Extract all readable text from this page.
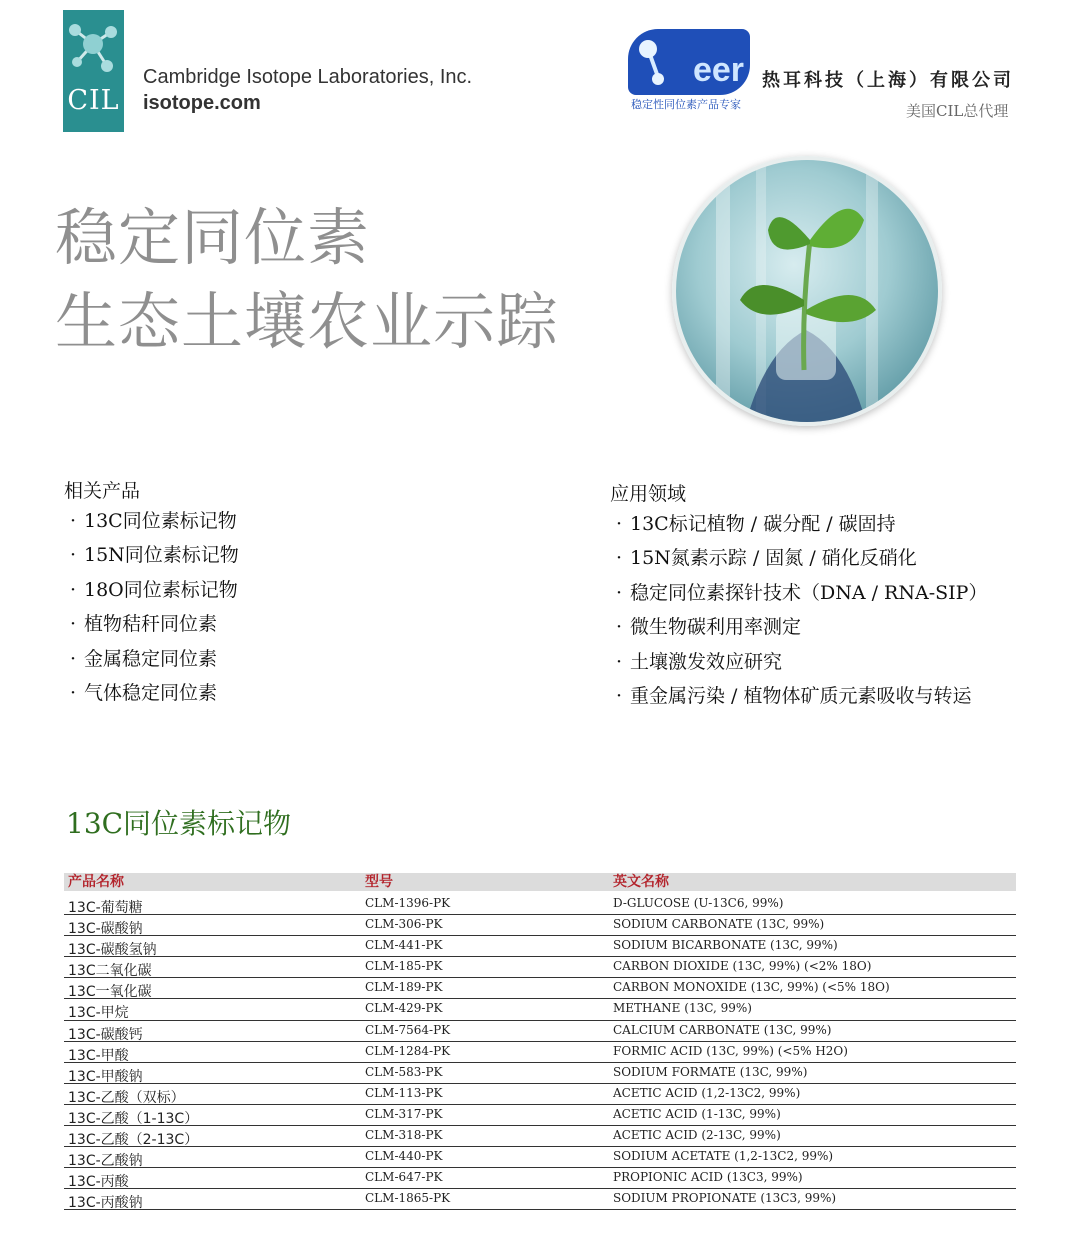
CIL
Cambridge Isotope Laboratories, Inc.
isotope.com
eer
稳定性同位素产品专家
热耳科技（上海）有限公司
美国CIL总代理
稳定同位素
生态土壤农业示踪
相关产品
· 13C同位素标记物
· 15N同位素标记物
· 18O同位素标记物
· 植物秸秆同位素
· 金属稳定同位素
· 气体稳定同位素
应用领域
· 13C标记植物 / 碳分配 / 碳固持
· 15N氮素示踪 / 固氮 / 硝化反硝化
· 稳定同位素探针技术（DNA / RNA-SIP）
· 微生物碳利用率测定
· 土壤激发效应研究
· 重金属污染 / 植物体矿质元素吸收与转运
13C同位素标记物
产品名称	型号	英文名称
13C-葡萄糖	CLM-1396-PK	D-GLUCOSE (U-13C6, 99%)
13C-碳酸钠	CLM-306-PK	SODIUM CARBONATE (13C, 99%)
13C-碳酸氢钠	CLM-441-PK	SODIUM BICARBONATE (13C, 99%)
13C二氧化碳	CLM-185-PK	CARBON DIOXIDE (13C, 99%) (<2% 18O)
13C一氧化碳	CLM-189-PK	CARBON MONOXIDE (13C, 99%) (<5% 18O)
13C-甲烷	CLM-429-PK	METHANE (13C, 99%)
13C-碳酸钙	CLM-7564-PK	CALCIUM CARBONATE (13C, 99%)
13C-甲酸	CLM-1284-PK	FORMIC ACID (13C, 99%) (<5% H2O)
13C-甲酸钠	CLM-583-PK	SODIUM FORMATE (13C, 99%)
13C-乙酸（双标）	CLM-113-PK	ACETIC ACID (1,2-13C2, 99%)
13C-乙酸（1-13C）	CLM-317-PK	ACETIC ACID (1-13C, 99%)
13C-乙酸（2-13C）	CLM-318-PK	ACETIC ACID (2-13C, 99%)
13C-乙酸钠	CLM-440-PK	SODIUM ACETATE (1,2-13C2, 99%)
13C-丙酸	CLM-647-PK	PROPIONIC ACID (13C3, 99%)
13C-丙酸钠	CLM-1865-PK	SODIUM PROPIONATE (13C3, 99%)
